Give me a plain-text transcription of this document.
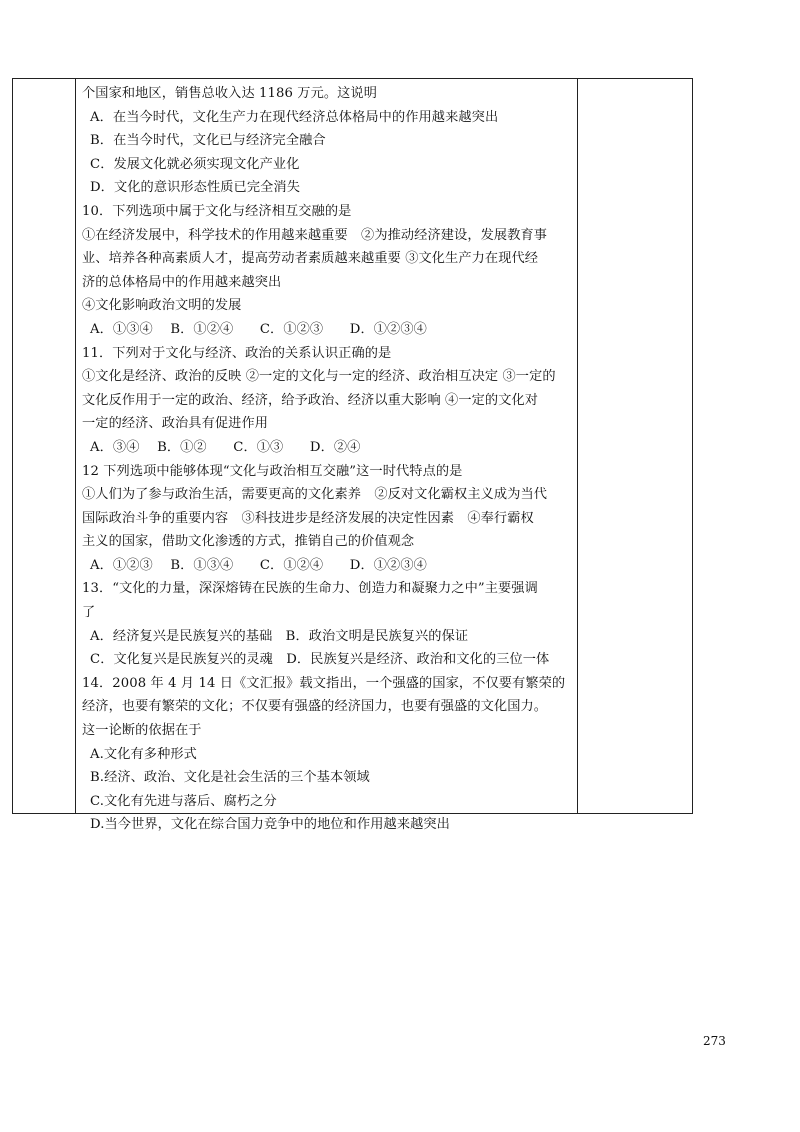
个国家和地区，销售总收入达 1186 万元。这说明
A．在当今时代，文化生产力在现代经济总体格局中的作用越来越突出
B．在当今时代，文化已与经济完全融合
C．发展文化就必须实现文化产业化
D．文化的意识形态性质已完全消失
10．下列选项中属于文化与经济相互交融的是
①在经济发展中，科学技术的作用越来越重要　②为推动经济建设，发展教育事
业、培养各种高素质人才，提高劳动者素质越来越重要 ③文化生产力在现代经
济的总体格局中的作用越来越突出
④文化影响政治文明的发展
A．①③④　 B．①②④　　C．①②③　　D．①②③④
11．下列对于文化与经济、政治的关系认识正确的是
①文化是经济、政治的反映 ②一定的文化与一定的经济、政治相互决定 ③一定的
文化反作用于一定的政治、经济，给予政治、经济以重大影响 ④一定的文化对
一定的经济、政治具有促进作用
A．③④　 B．①②　　C．①③　　D．②④
12 下列选项中能够体现“文化与政治相互交融”这一时代特点的是
①人们为了参与政治生活，需要更高的文化素养　②反对文化霸权主义成为当代
国际政治斗争的重要内容　③科技进步是经济发展的决定性因素　④奉行霸权
主义的国家，借助文化渗透的方式，推销自己的价值观念
A．①②③　 B．①③④　　C．①②④　　D．①②③④
13．“文化的力量，深深熔铸在民族的生命力、创造力和凝聚力之中”主要强调
了
A．经济复兴是民族复兴的基础　B．政治文明是民族复兴的保证
C．文化复兴是民族复兴的灵魂　D．民族复兴是经济、政治和文化的三位一体
14．2008 年 4 月 14 日《文汇报》载文指出，一个强盛的国家，不仅要有繁荣的
经济，也要有繁荣的文化；不仅要有强盛的经济国力，也要有强盛的文化国力。
这一论断的依据在于
A.文化有多种形式
B.经济、政治、文化是社会生活的三个基本领域
C.文化有先进与落后、腐朽之分
D.当今世界，文化在综合国力竞争中的地位和作用越来越突出
273
